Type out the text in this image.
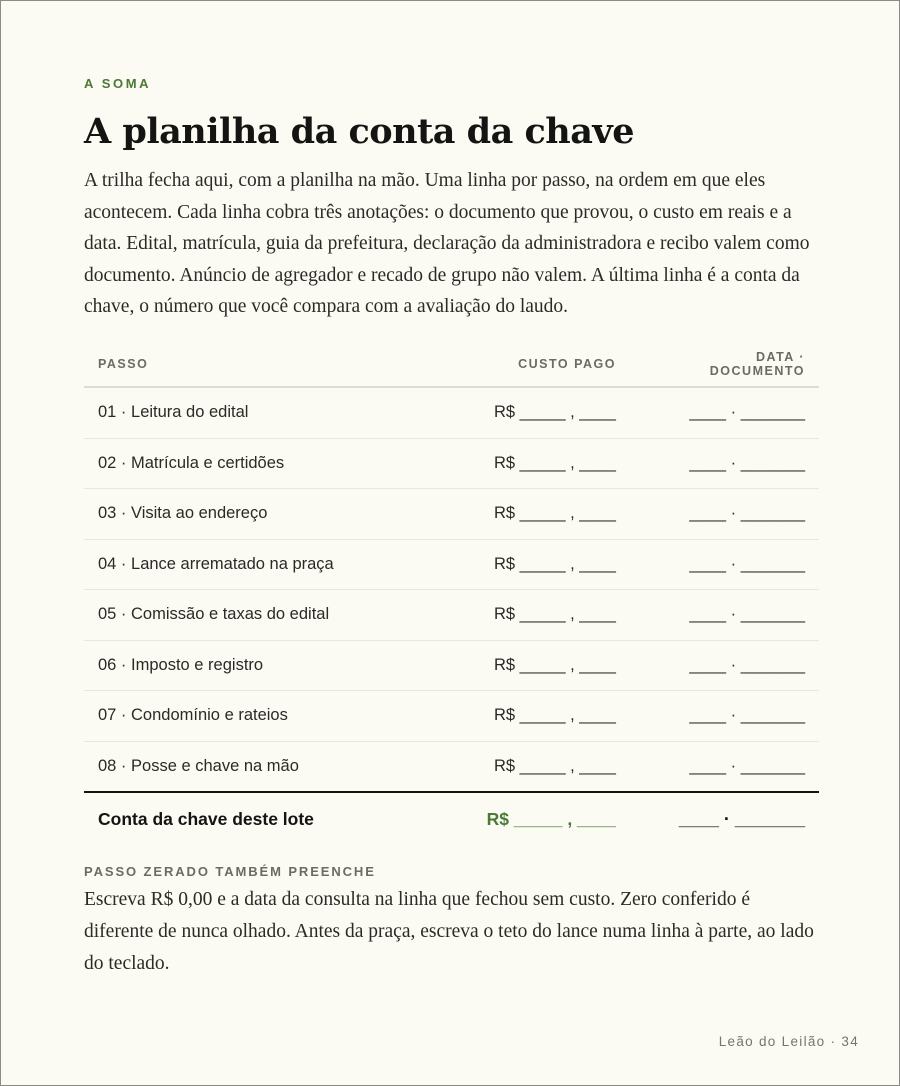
A SOMA
A planilha da conta da chave

A trilha fecha aqui, com a planilha na mão. Uma linha por passo, na ordem em que eles acontecem. Cada linha cobra três anotações: o documento que provou, o custo em reais e a data. Edital, matrícula, guia da prefeitura, declaração da administradora e recibo valem como documento. Anúncio de agregador e recado de grupo não valem. A última linha é a conta da chave, o número que você compara com a avaliação do laudo.

PASSO	CUSTO PAGO	DATA · DOCUMENTO
01 · Leitura do edital	R$ _____ , ____	____ · _______
02 · Matrícula e certidões	R$ _____ , ____	____ · _______
03 · Visita ao endereço	R$ _____ , ____	____ · _______
04 · Lance arrematado na praça	R$ _____ , ____	____ · _______
05 · Comissão e taxas do edital	R$ _____ , ____	____ · _______
06 · Imposto e registro	R$ _____ , ____	____ · _______
07 · Condomínio e rateios	R$ _____ , ____	____ · _______
08 · Posse e chave na mão	R$ _____ , ____	____ · _______
Conta da chave deste lote	R$ _____ , ____	____ · _______
PASSO ZERADO TAMBÉM PREENCHE

Escreva R$ 0,00 e a data da consulta na linha que fechou sem custo. Zero conferido é diferente de nunca olhado. Antes da praça, escreva o teto do lance numa linha à parte, ao lado do teclado.

Leão do Leilão · 34
